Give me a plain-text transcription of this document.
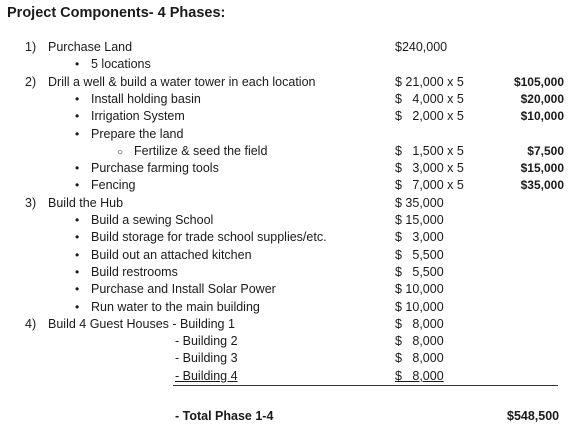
Project Components- 4 Phases:
1) Purchase Land	$240,000
• 5 locations
2) Drill a well & build a water tower in each location	$ 21,000 x 5	$105,000
• Install holding basin	$   4,000 x 5	$20,000
• Irrigation System	$   2,000 x 5	$10,000
• Prepare the land
○ Fertilize & seed the field	$   1,500 x 5	$7,500
• Purchase farming tools	$   3,000 x 5	$15,000
• Fencing	$   7,000 x 5	$35,000
3) Build the Hub	$ 35,000
• Build a sewing School	$ 15,000
• Build storage for trade school supplies/etc.	$   3,000
• Build out an attached kitchen	$   5,500
• Build restrooms	$   5,500
• Purchase and Install Solar Power	$ 10,000
• Run water to the main building	$ 10,000
4) Build 4 Guest Houses - Building 1	$   8,000
- Building 2	$   8,000
- Building 3	$   8,000
- Building 4	$   8,000
- Total Phase 1-4	$548,500
